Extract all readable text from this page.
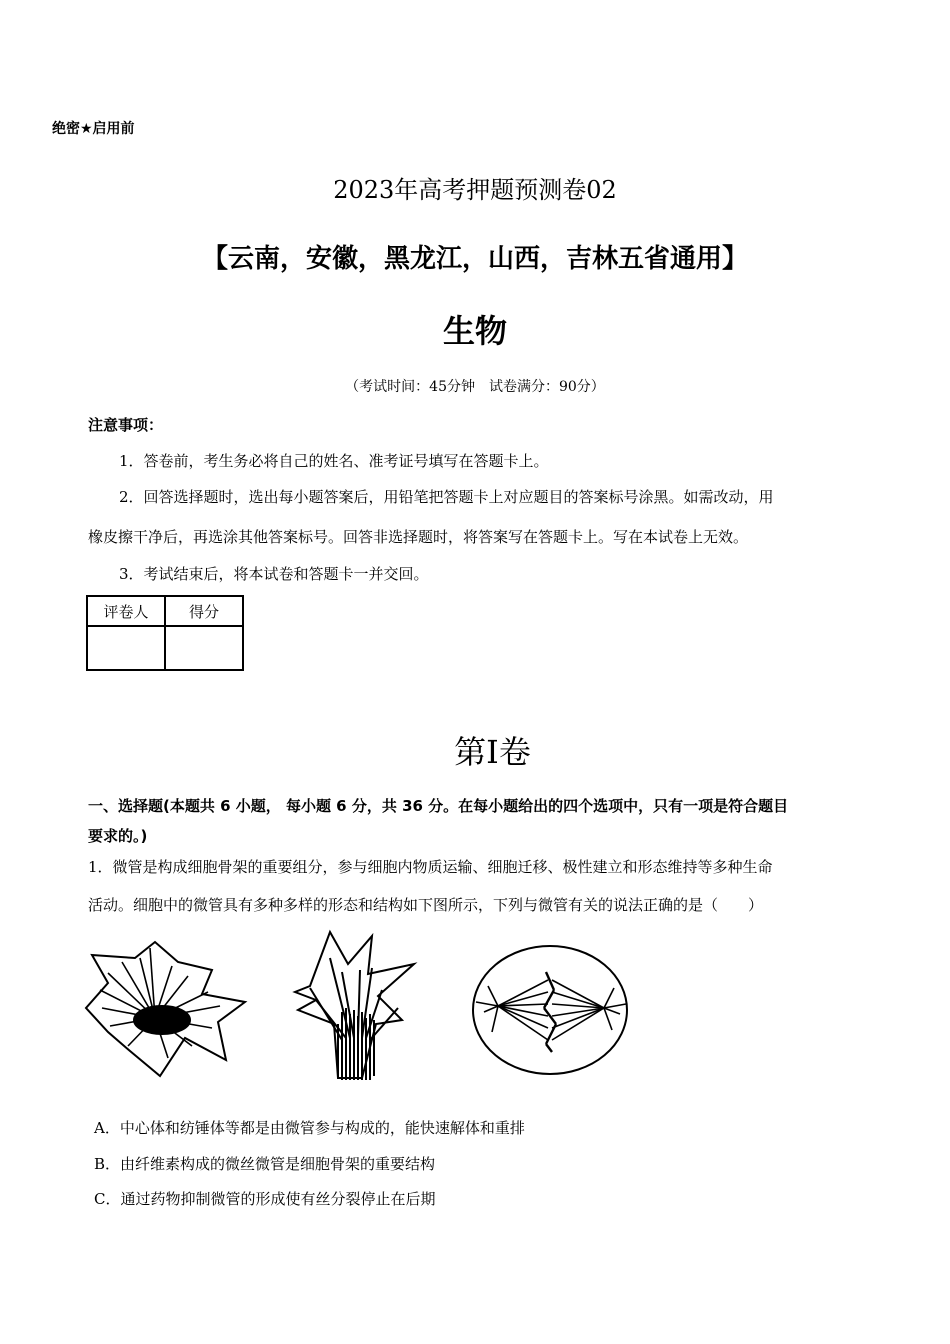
绝密★启用前
2023年高考押题预测卷02
【云南，安徽，黑龙江，山西，吉林五省通用】
生物
（考试时间：45分钟　试卷满分：90分）
注意事项：
1．答卷前，考生务必将自己的姓名、准考证号填写在答题卡上。
2．回答选择题时，选出每小题答案后，用铅笔把答题卡上对应题目的答案标号涂黑。如需改动，用
橡皮擦干净后，再选涂其他答案标号。回答非选择题时，将答案写在答题卡上。写在本试卷上无效。
3．考试结束后，将本试卷和答题卡一并交回。
评卷人	得分

第I卷
一、选择题(本题共 6 小题， 每小题 6 分，共 36 分。在每小题给出的四个选项中，只有一项是符合题目
要求的。)
1．微管是构成细胞骨架的重要组分，参与细胞内物质运输、细胞迁移、极性建立和形态维持等多种生命
活动。细胞中的微管具有多种多样的形态和结构如下图所示，下列与微管有关的说法正确的是（　　）
A．中心体和纺锤体等都是由微管参与构成的，能快速解体和重排
B．由纤维素构成的微丝微管是细胞骨架的重要结构
C．通过药物抑制微管的形成使有丝分裂停止在后期
